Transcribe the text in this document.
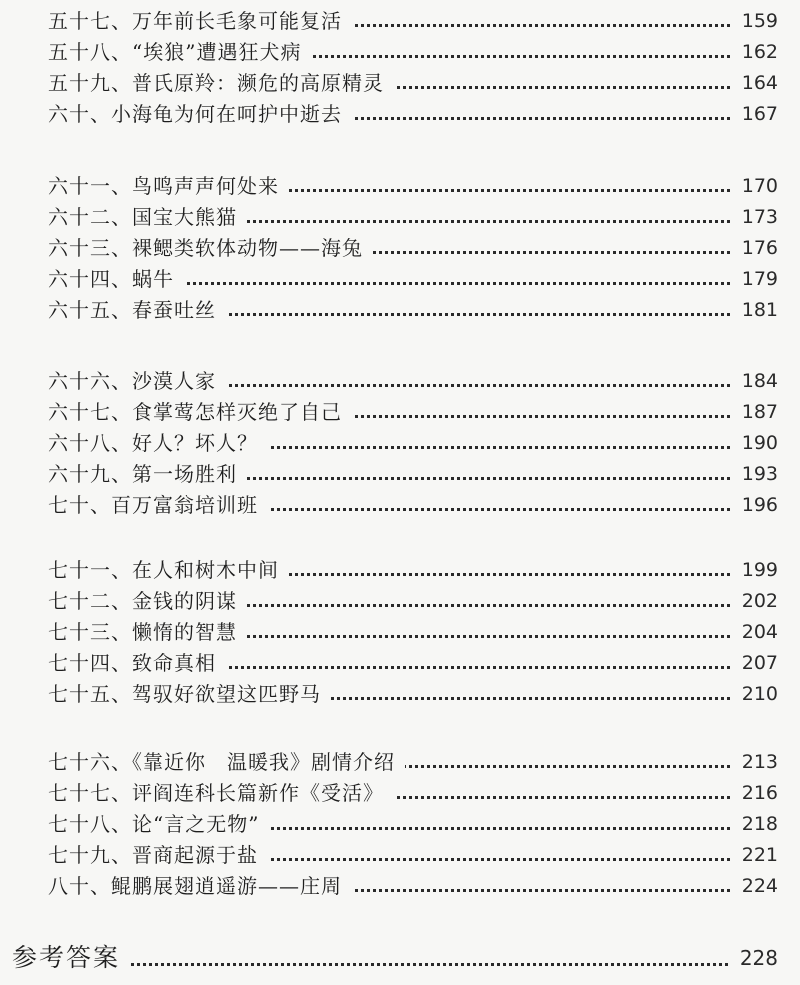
五十七、万年前长毛象可能复活	159
五十八、“埃狼”遭遇狂犬病	162
五十九、普氏原羚：濒危的高原精灵	164
六十、小海龟为何在呵护中逝去	167
六十一、鸟鸣声声何处来	170
六十二、国宝大熊猫	173
六十三、裸鳃类软体动物——海兔	176
六十四、蜗牛	179
六十五、春蚕吐丝	181
六十六、沙漠人家	184
六十七、食掌莺怎样灭绝了自己	187
六十八、好人？坏人？	190
六十九、第一场胜利	193
七十、百万富翁培训班	196
七十一、在人和树木中间	199
七十二、金钱的阴谋	202
七十三、懒惰的智慧	204
七十四、致命真相	207
七十五、驾驭好欲望这匹野马	210
七十六、《靠近你　温暖我》剧情介绍	213
七十七、评阎连科长篇新作《受活》	216
七十八、论“言之无物”	218
七十九、晋商起源于盐	221
八十、鲲鹏展翅逍遥游——庄周	224
参考答案	228
